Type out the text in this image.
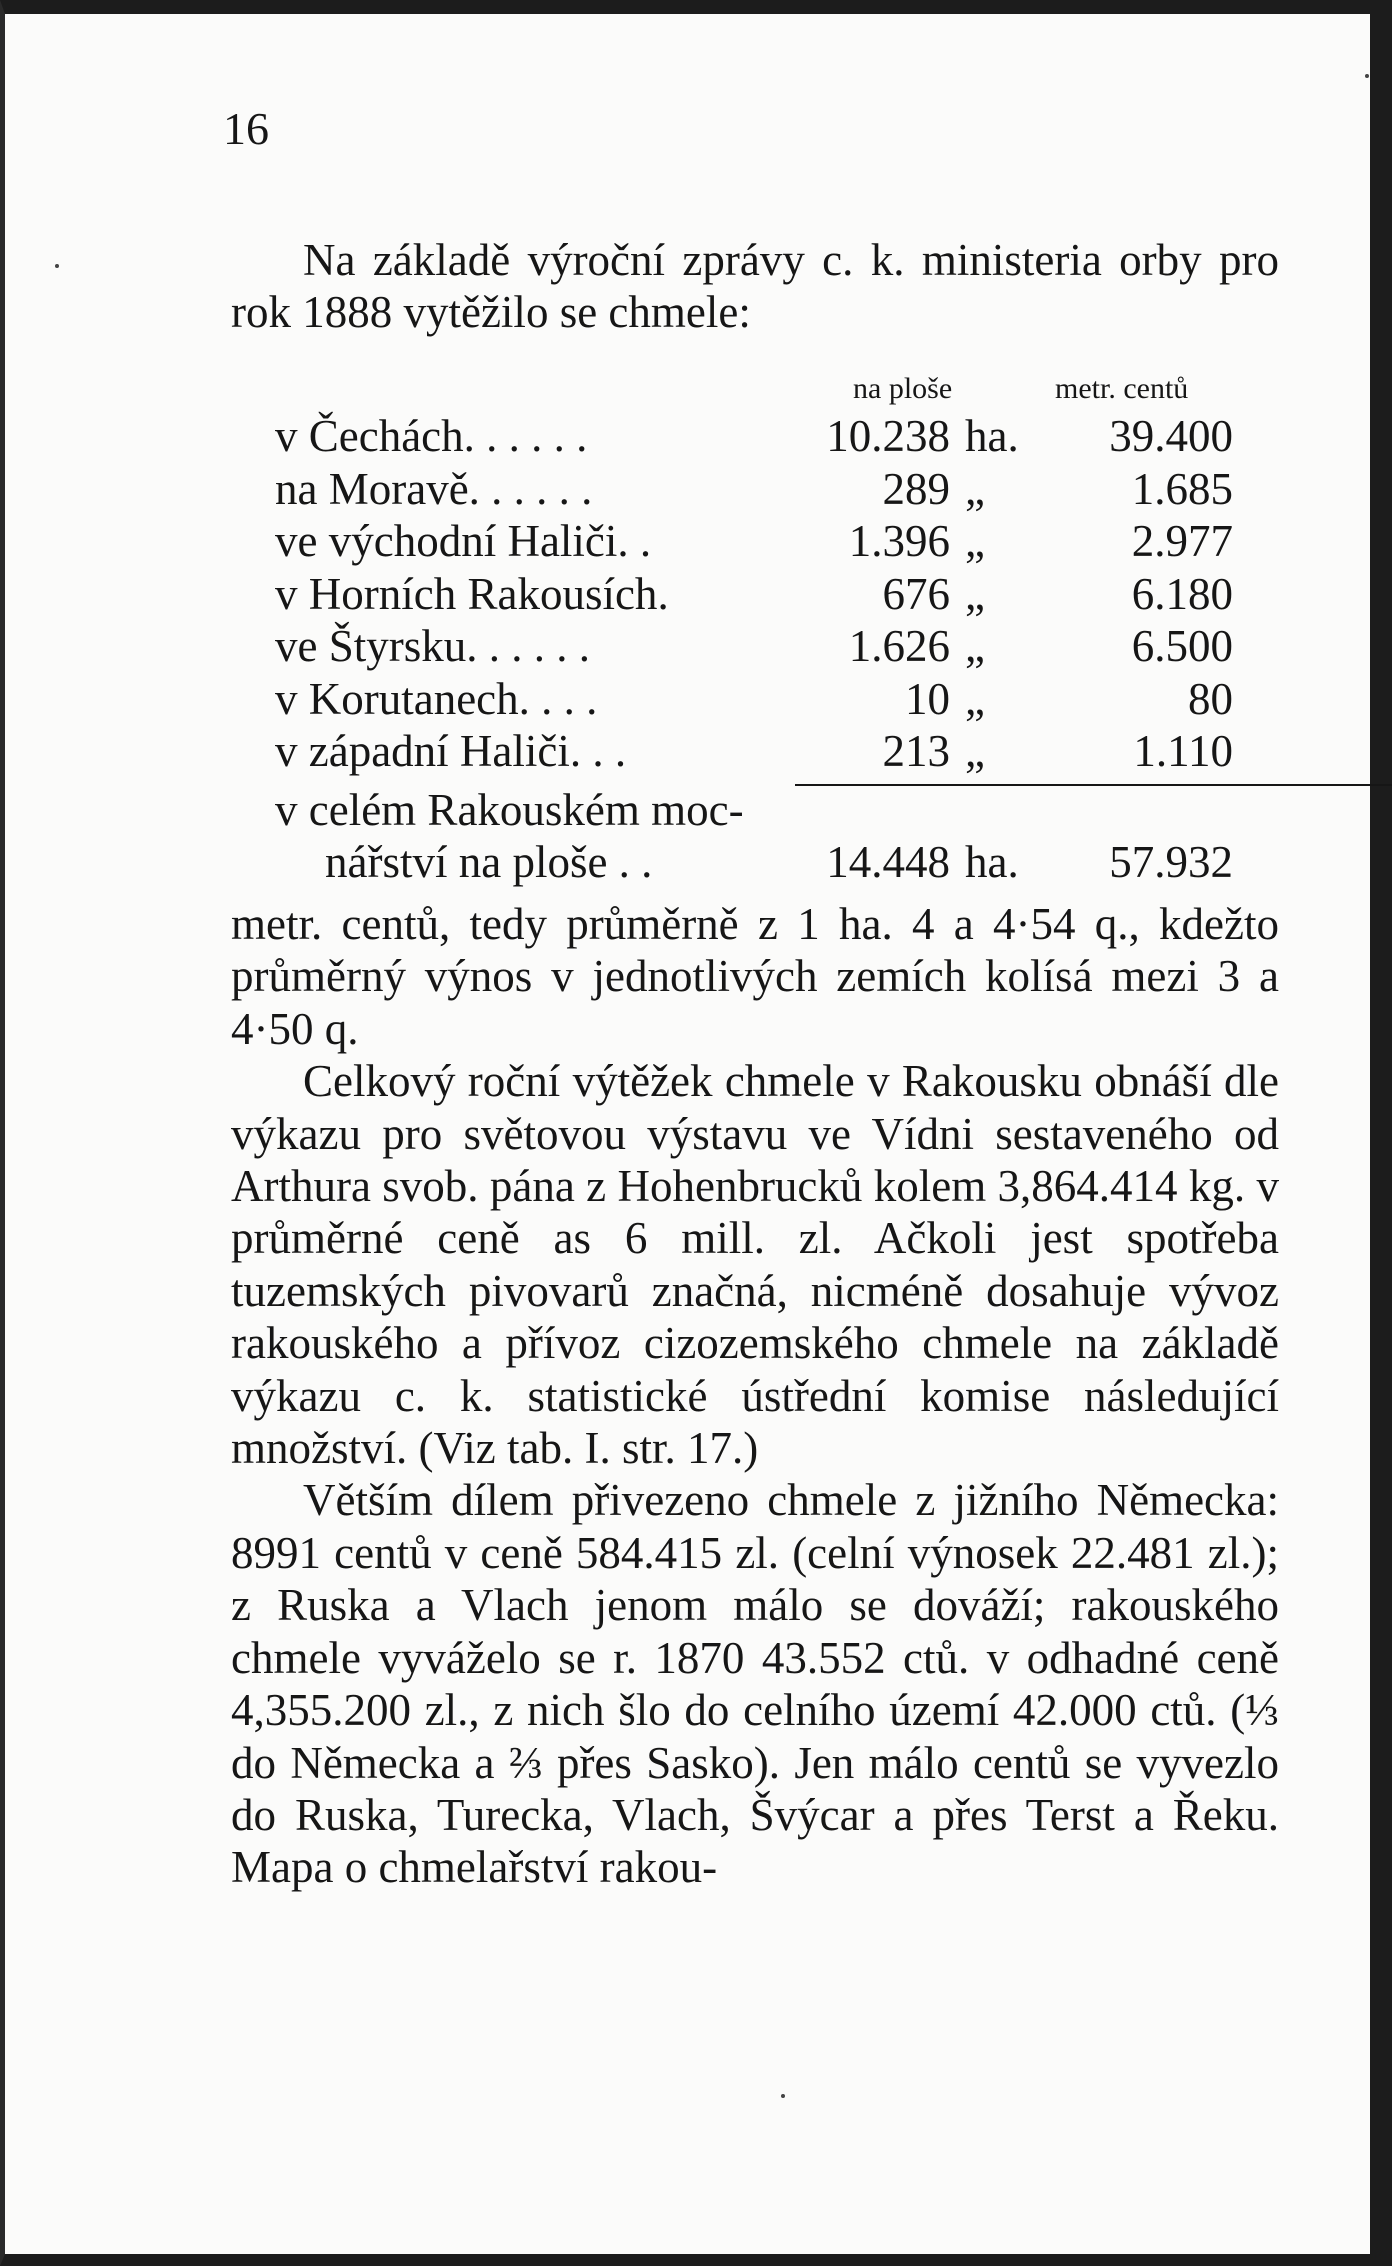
16

Na základě výroční zprávy c. k. ministeria orby pro rok 1888 vytěžilo se chmele:

na ploše	metr. centů
v Čechách . . . . . .	10.238 ha. 39.400
na Moravě . . . . . .	289 „	1.685
ve východní Haliči . .	1.396 „	2.977
v Horních Rakousích .	676 „	6.180
ve Štyrsku . . . . . .	1.626 „	6.500
v Korutanech . . . .	10 „	80
v západní Haliči . . .	213 „	1.110
v celém Rakouském moc-
nářství na ploše . .	14.448 ha. 57.932

metr. centů, tedy průměrně z 1 ha. 4 a 4·54 q., kdežto průměrný výnos v jednotlivých zemích kolísá mezi 3 a 4·50 q.

Celkový roční výtěžek chmele v Rakousku obnáší dle výkazu pro světovou výstavu ve Vídni sestaveného od Arthura svob. pána z Hohenbrucků kolem 3,864.414 kg. v průměrné ceně as 6 mill. zl. Ačkoli jest spotřeba tuzemských pivovarů značná, nicméně dosahuje vývoz rakouského a přívoz cizozemského chmele na základě výkazu c. k. statistické ústřední komise následující množství. (Viz tab. I. str. 17.)

Větším dílem přivezeno chmele z jižního Německa: 8991 centů v ceně 584.415 zl. (celní výnosek 22.481 zl.); z Ruska a Vlach jenom málo se dováží; rakouského chmele vyváželo se r. 1870 43.552 ctů. v odhadné ceně 4,355.200 zl., z nich šlo do celního území 42.000 ctů. (⅓ do Německa a ⅔ přes Sasko). Jen málo centů se vyvezlo do Ruska, Turecka, Vlach, Švýcar a přes Terst a Řeku. Mapa o chmelařství rakou-
